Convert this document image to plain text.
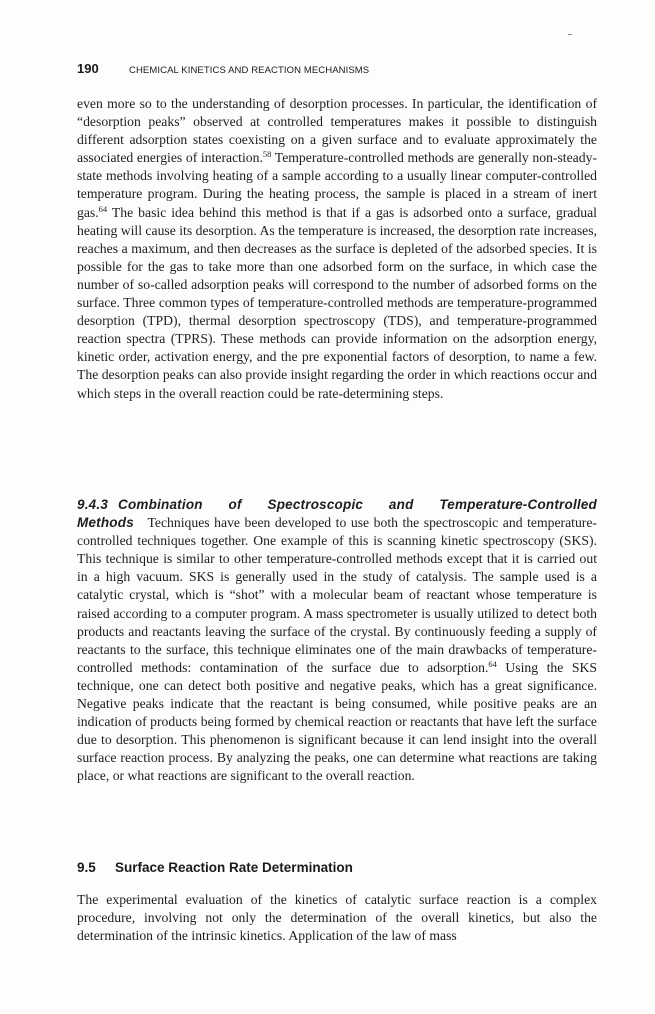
190	CHEMICAL KINETICS AND REACTION MECHANISMS

even more so to the understanding of desorption processes. In particular, the identification of “desorption peaks” observed at controlled temperatures makes it possible to distinguish different adsorption states coexisting on a given surface and to evaluate approximately the associated energies of interaction.$^{58}$ Temperature-controlled methods are generally non-steady-state methods involving heating of a sample according to a usually linear computer-controlled temperature program. During the heating process, the sample is placed in a stream of inert gas.$^{64}$ The basic idea behind this method is that if a gas is adsorbed onto a surface, gradual heating will cause its desorption. As the temperature is increased, the desorption rate increases, reaches a maximum, and then decreases as the surface is depleted of the adsorbed species. It is possible for the gas to take more than one adsorbed form on the surface, in which case the number of so-called adsorption peaks will correspond to the number of adsorbed forms on the surface. Three common types of temperature-controlled methods are temperature-programmed desorption (TPD), thermal desorption spectroscopy (TDS), and temperature-programmed reaction spectra (TPRS). These methods can provide information on the adsorption energy, kinetic order, activation energy, and the pre exponential factors of desorption, to name a few. The desorption peaks can also provide insight regarding the order in which reactions occur and which steps in the overall reaction could be rate-determining steps.

9.4.3 Combination of Spectroscopic and Temperature-Controlled Methods Techniques have been developed to use both the spectroscopic and temperature-controlled techniques together. One example of this is scanning kinetic spectroscopy (SKS). This technique is similar to other temperature-controlled methods except that it is carried out in a high vacuum. SKS is generally used in the study of catalysis. The sample used is a catalytic crystal, which is “shot” with a molecular beam of reactant whose temperature is raised according to a computer program. A mass spectrometer is usually utilized to detect both products and reactants leaving the surface of the crystal. By continuously feeding a supply of reactants to the surface, this technique eliminates one of the main drawbacks of temperature-controlled methods: contamination of the surface due to adsorption.$^{64}$ Using the SKS technique, one can detect both positive and negative peaks, which has a great significance. Negative peaks indicate that the reactant is being consumed, while positive peaks are an indication of products being formed by chemical reaction or reactants that have left the surface due to desorption. This phenomenon is significant because it can lend insight into the overall surface reaction process. By analyzing the peaks, one can determine what reactions are taking place, or what reactions are significant to the overall reaction.

9.5	Surface Reaction Rate Determination

The experimental evaluation of the kinetics of catalytic surface reaction is a complex procedure, involving not only the determination of the overall kinetics, but also the determination of the intrinsic kinetics. Application of the law of mass
